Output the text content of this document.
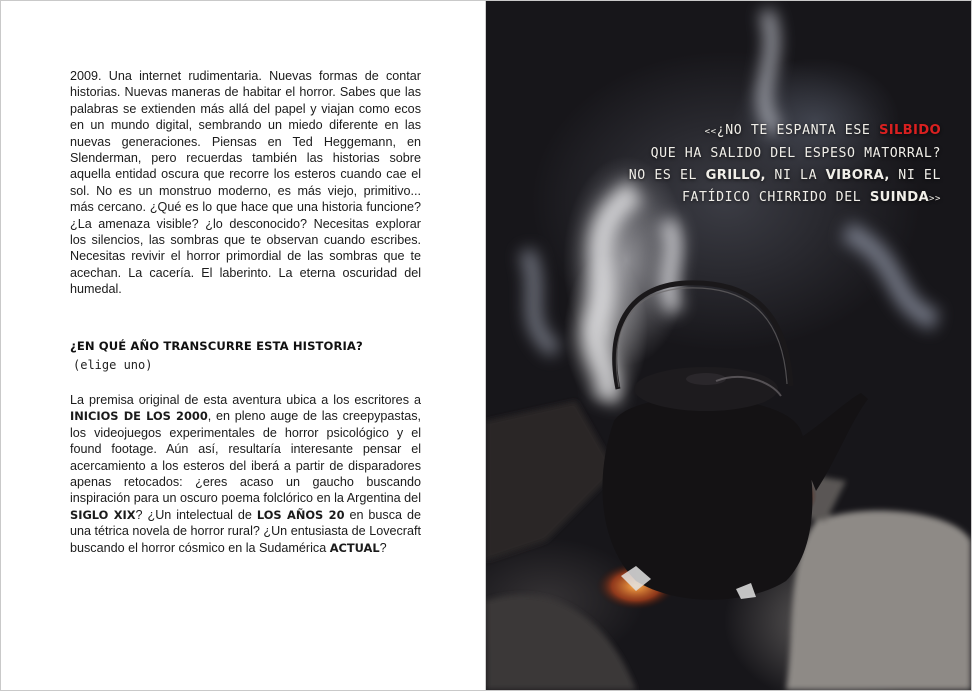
2009. Una internet rudimentaria. Nuevas formas de contar historias. Nuevas maneras de habitar el horror. Sabes que las palabras se extienden más allá del papel y viajan como ecos en un mundo digital, sembrando un miedo diferente en las nuevas generaciones. Piensas en Ted Heggemann, en Slenderman, pero recuerdas también las historias sobre aquella entidad oscura que recorre los esteros cuando cae el sol. No es un monstruo moderno, es más viejo, primitivo... más cercano. ¿Qué es lo que hace que una historia funcione? ¿La amenaza visible? ¿lo desconocido? Necesitas explorar los silencios, las sombras que te observan cuando escribes. Necesitas revivir el horror primordial de las sombras que te acechan. La cacería. El laberinto. La eterna oscuridad del humedal.

¿EN QUÉ AÑO TRANSCURRE ESTA HISTORIA?

(elige uno)

La premisa original de esta aventura ubica a los escritores a INICIOS DE LOS 2000, en pleno auge de las creepypastas, los videojuegos experimentales de horror psicológico y el found footage. Aún así, resultaría interesante pensar el acercamiento a los esteros del iberá a partir de disparadores apenas retocados: ¿eres acaso un gaucho buscando inspiración para un oscuro poema folclórico en la Argentina del SIGLO XIX? ¿Un intelectual de LOS AÑOS 20 en busca de una tétrica novela de horror rural? ¿Un entusiasta de Lovecraft buscando el horror cósmico en la Sudamérica ACTUAL?

<<¿NO TE ESPANTA ESE SILBIDO
QUE HA SALIDO DEL ESPESO MATORRAL?
NO ES EL GRILLO, NI LA VIBORA, NI EL
FATÍDICO CHIRRIDO DEL SUINDA>>
